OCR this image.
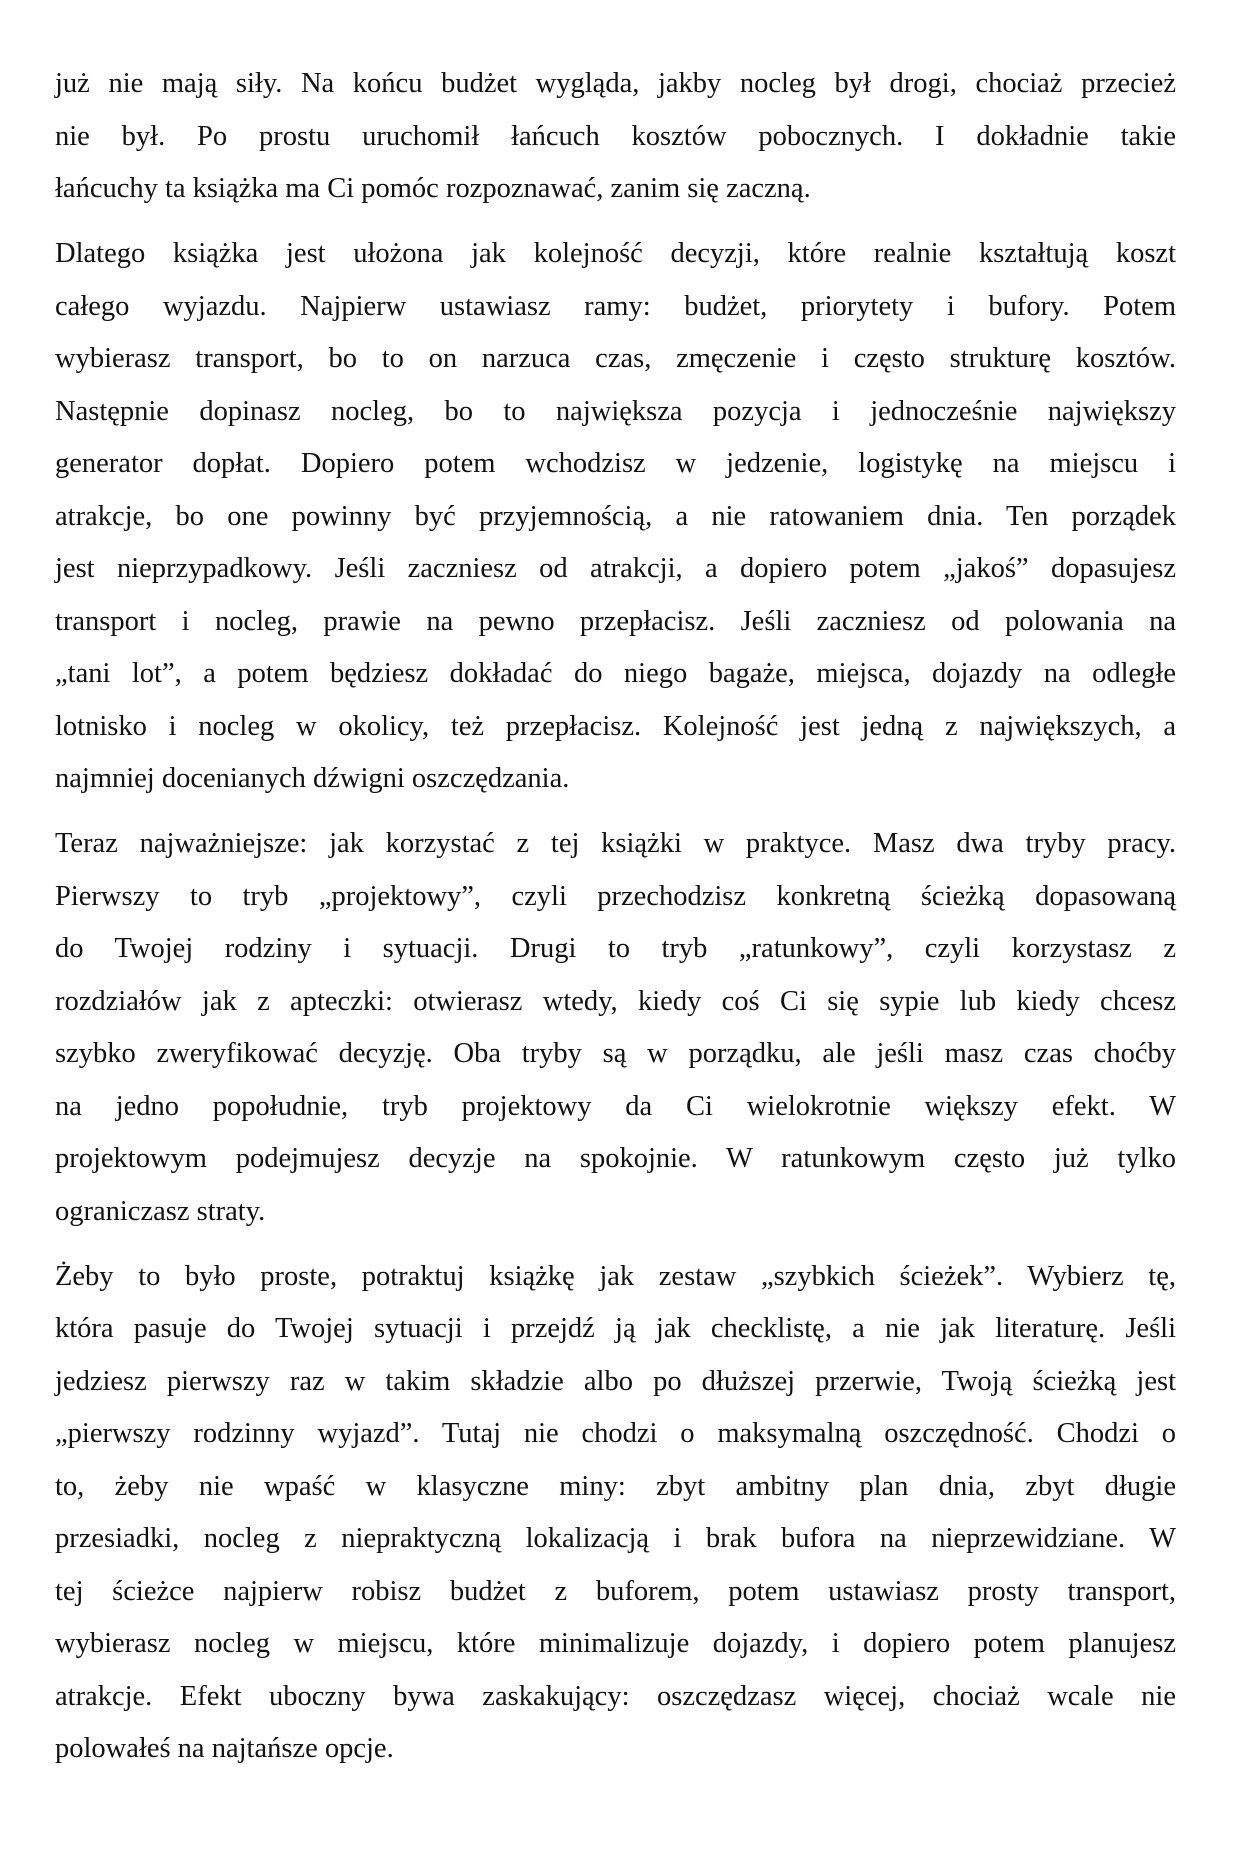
już nie mają siły. Na końcu budżet wygląda, jakby nocleg był drogi, chociaż przecież
nie był. Po prostu uruchomił łańcuch kosztów pobocznych. I dokładnie takie
łańcuchy ta książka ma Ci pomóc rozpoznawać, zanim się zaczną.

Dlatego książka jest ułożona jak kolejność decyzji, które realnie kształtują koszt
całego wyjazdu. Najpierw ustawiasz ramy: budżet, priorytety i bufory. Potem
wybierasz transport, bo to on narzuca czas, zmęczenie i często strukturę kosztów.
Następnie dopinasz nocleg, bo to największa pozycja i jednocześnie największy
generator dopłat. Dopiero potem wchodzisz w jedzenie, logistykę na miejscu i
atrakcje, bo one powinny być przyjemnością, a nie ratowaniem dnia. Ten porządek
jest nieprzypadkowy. Jeśli zaczniesz od atrakcji, a dopiero potem „jakoś” dopasujesz
transport i nocleg, prawie na pewno przepłacisz. Jeśli zaczniesz od polowania na
„tani lot”, a potem będziesz dokładać do niego bagaże, miejsca, dojazdy na odległe
lotnisko i nocleg w okolicy, też przepłacisz. Kolejność jest jedną z największych, a
najmniej docenianych dźwigni oszczędzania.

Teraz najważniejsze: jak korzystać z tej książki w praktyce. Masz dwa tryby pracy.
Pierwszy to tryb „projektowy”, czyli przechodzisz konkretną ścieżką dopasowaną
do Twojej rodziny i sytuacji. Drugi to tryb „ratunkowy”, czyli korzystasz z
rozdziałów jak z apteczki: otwierasz wtedy, kiedy coś Ci się sypie lub kiedy chcesz
szybko zweryfikować decyzję. Oba tryby są w porządku, ale jeśli masz czas choćby
na jedno popołudnie, tryb projektowy da Ci wielokrotnie większy efekt. W
projektowym podejmujesz decyzje na spokojnie. W ratunkowym często już tylko
ograniczasz straty.

Żeby to było proste, potraktuj książkę jak zestaw „szybkich ścieżek”. Wybierz tę,
która pasuje do Twojej sytuacji i przejdź ją jak checklistę, a nie jak literaturę. Jeśli
jedziesz pierwszy raz w takim składzie albo po dłuższej przerwie, Twoją ścieżką jest
„pierwszy rodzinny wyjazd”. Tutaj nie chodzi o maksymalną oszczędność. Chodzi o
to, żeby nie wpaść w klasyczne miny: zbyt ambitny plan dnia, zbyt długie
przesiadki, nocleg z niepraktyczną lokalizacją i brak bufora na nieprzewidziane. W
tej ścieżce najpierw robisz budżet z buforem, potem ustawiasz prosty transport,
wybierasz nocleg w miejscu, które minimalizuje dojazdy, i dopiero potem planujesz
atrakcje. Efekt uboczny bywa zaskakujący: oszczędzasz więcej, chociaż wcale nie
polowałeś na najtańsze opcje.
